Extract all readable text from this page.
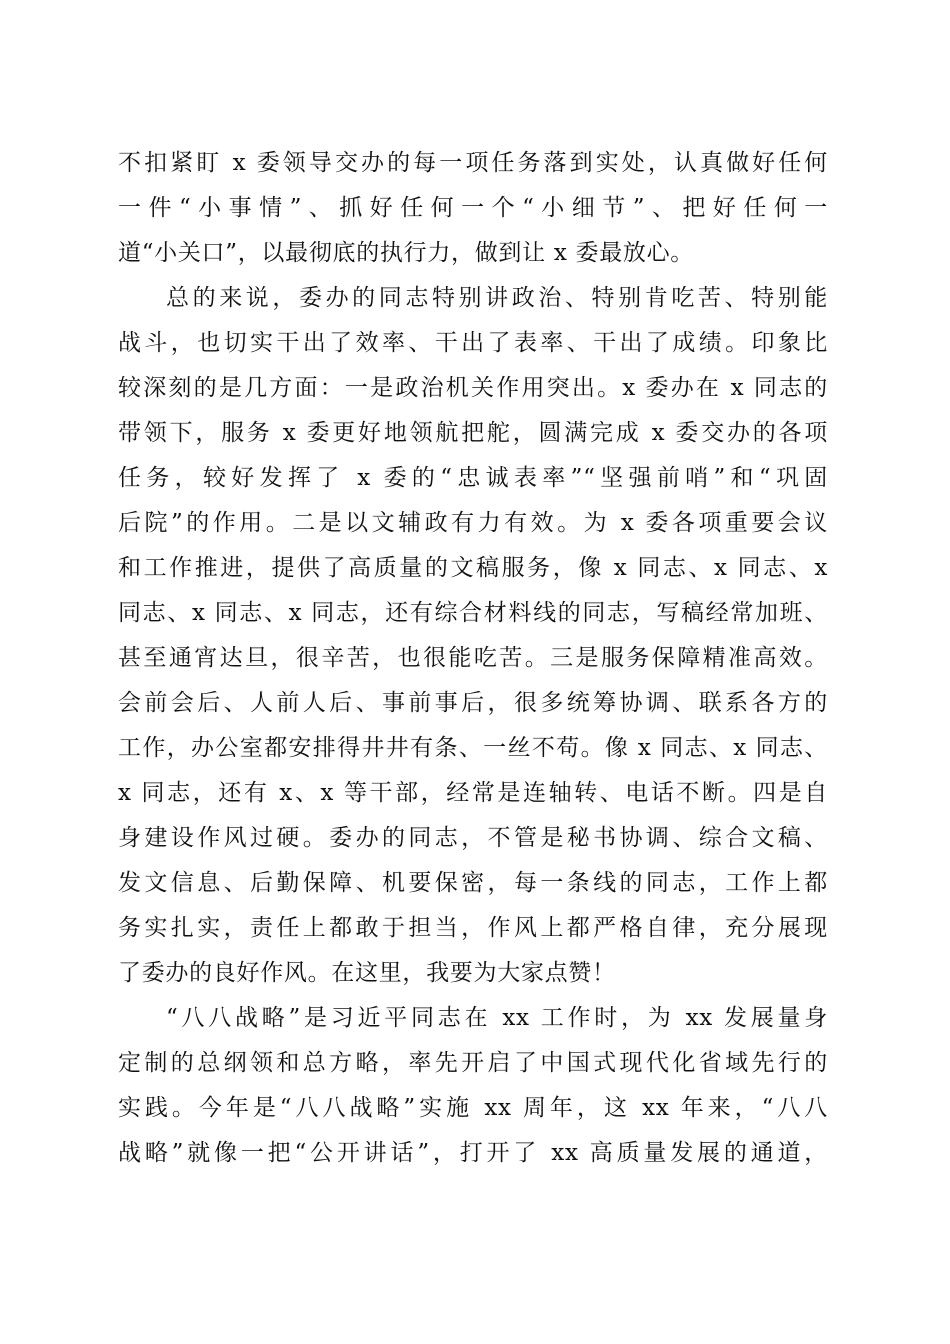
不扣紧盯 x 委领导交办的每一项任务落到实处，认真做好任何
一件“小事情”、抓好任何一个“小细节”、把好任何一
道“小关口”，以最彻底的执行力，做到让 x 委最放心。
总的来说，委办的同志特别讲政治、特别肯吃苦、特别能
战斗，也切实干出了效率、干出了表率、干出了成绩。印象比
较深刻的是几方面：一是政治机关作用突出。x 委办在 x 同志的
带领下，服务 x 委更好地领航把舵，圆满完成 x 委交办的各项
任务，较好发挥了 x 委的“忠诚表率”“坚强前哨”和“巩固
后院”的作用。二是以文辅政有力有效。为 x 委各项重要会议
和工作推进，提供了高质量的文稿服务，像 x 同志、x 同志、x
同志、x 同志、x 同志，还有综合材料线的同志，写稿经常加班、
甚至通宵达旦，很辛苦，也很能吃苦。三是服务保障精准高效。
会前会后、人前人后、事前事后，很多统筹协调、联系各方的
工作，办公室都安排得井井有条、一丝不苟。像 x 同志、x 同志、
x 同志，还有 x、x 等干部，经常是连轴转、电话不断。四是自
身建设作风过硬。委办的同志，不管是秘书协调、综合文稿、
发文信息、后勤保障、机要保密，每一条线的同志，工作上都
务实扎实，责任上都敢于担当，作风上都严格自律，充分展现
了委办的良好作风。在这里，我要为大家点赞！
“八八战略”是习近平同志在 xx 工作时，为 xx 发展量身
定制的总纲领和总方略，率先开启了中国式现代化省域先行的
实践。今年是“八八战略”实施 xx 周年，这 xx 年来，“八八
战略”就像一把“公开讲话”，打开了 xx 高质量发展的通道，
